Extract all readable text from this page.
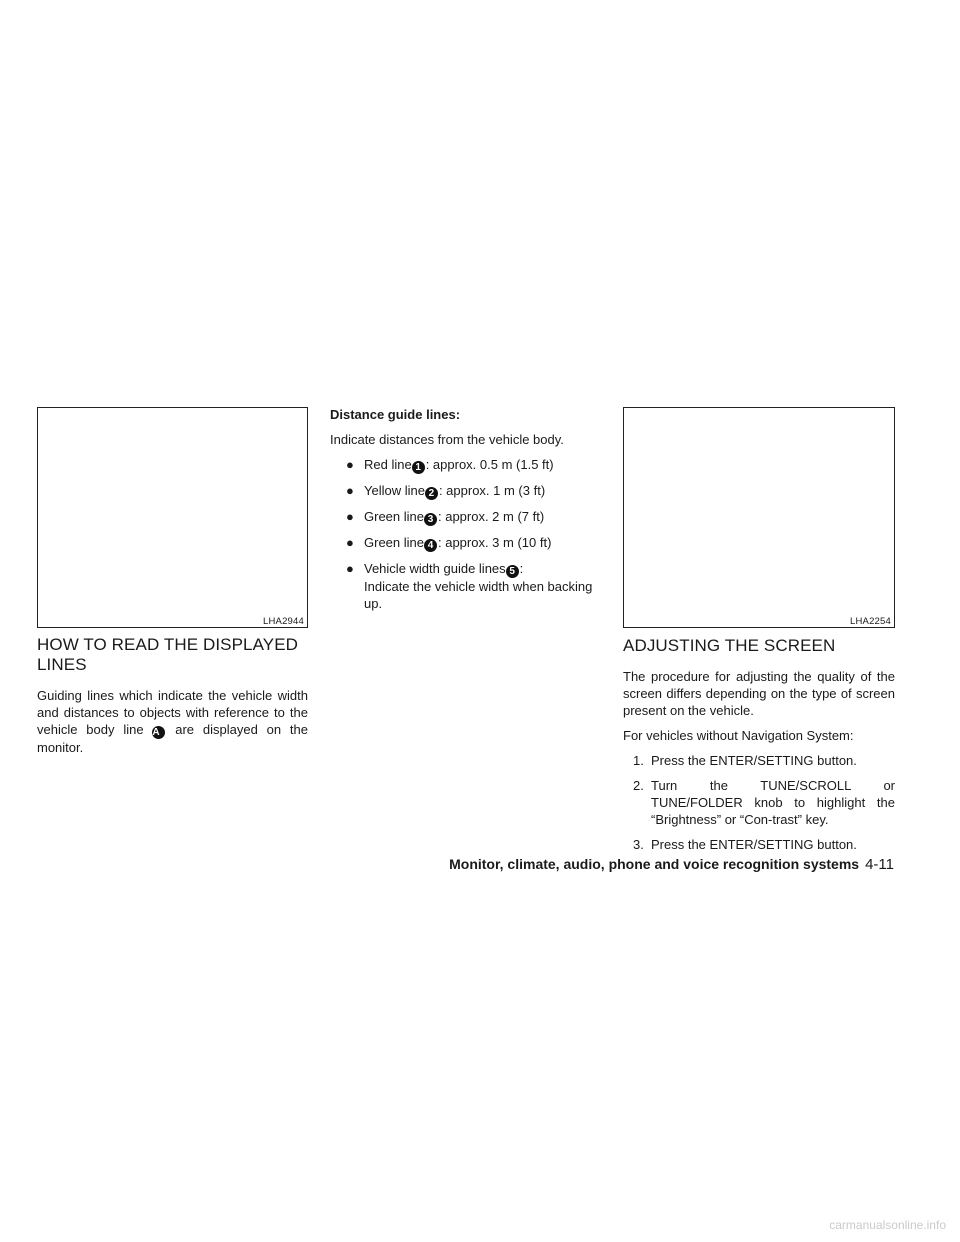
LHA2944
HOW TO READ THE DISPLAYED LINES

Guiding lines which indicate the vehicle width and distances to objects with reference to the vehicle body line A are displayed on the monitor.

Distance guide lines:

Indicate distances from the vehicle body.

● Red line 1 : approx. 0.5 m (1.5 ft)
● Yellow line 2 : approx. 1 m (3 ft)
● Green line 3 : approx. 2 m (7 ft)
● Green line 4 : approx. 3 m (10 ft)
● Vehicle width guide lines 5 :
Indicate the vehicle width when backing up.
LHA2254
ADJUSTING THE SCREEN

The procedure for adjusting the quality of the screen differs depending on the type of screen present on the vehicle.

For vehicles without Navigation System:

1. Press the ENTER/SETTING button.
2. Turn the TUNE/SCROLL or TUNE/FOLDER knob to highlight the “Brightness” or “Con-trast” key.
3. Press the ENTER/SETTING button.
Monitor, climate, audio, phone and voice recognition systems 4-11
carmanualsonline.info
